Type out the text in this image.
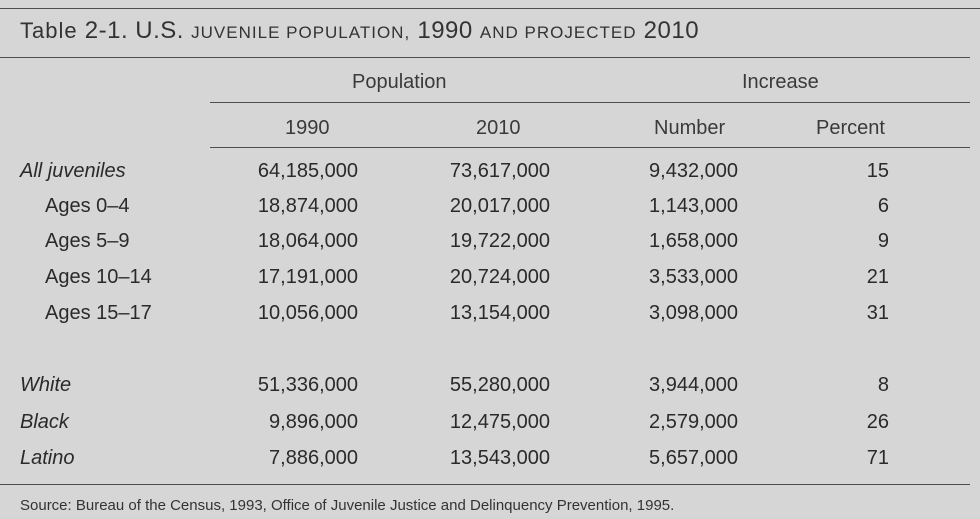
Table 2-1. U.S. JUVENILE POPULATION, 1990 AND PROJECTED 2010
Population	Increase
1990	2010	Number	Percent
All juveniles	64,185,000	73,617,000	9,432,000	15
Ages 0–4	18,874,000	20,017,000	1,143,000	6
Ages 5–9	18,064,000	19,722,000	1,658,000	9
Ages 10–14	17,191,000	20,724,000	3,533,000	21
Ages 15–17	10,056,000	13,154,000	3,098,000	31
White	51,336,000	55,280,000	3,944,000	8
Black	9,896,000	12,475,000	2,579,000	26
Latino	7,886,000	13,543,000	5,657,000	71
Source: Bureau of the Census, 1993, Office of Juvenile Justice and Delinquency Prevention, 1995.
